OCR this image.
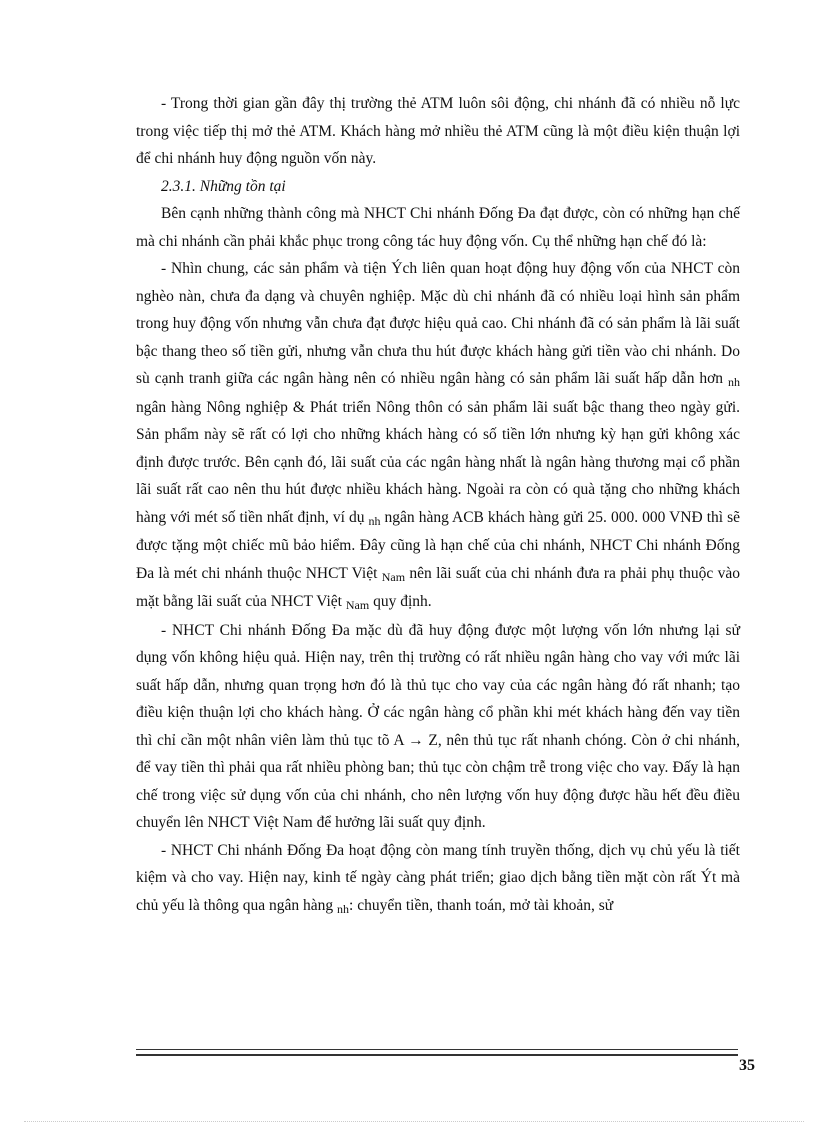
- Trong thời gian gần đây thị trường thẻ ATM luôn sôi động, chi nhánh đã có nhiều nỗ lực trong việc tiếp thị mở thẻ ATM. Khách hàng mở nhiều thẻ ATM cũng là một điều kiện thuận lợi để chi nhánh huy động nguồn vốn này.

2.3.1. Những tồn tại

Bên cạnh những thành công mà NHCT Chi nhánh Đống Đa đạt được, còn có những hạn chế mà chi nhánh cần phải khắc phục trong công tác huy động vốn. Cụ thể những hạn chế đó là:

- Nhìn chung, các sản phẩm và tiện Ých liên quan hoạt động huy động vốn của NHCT còn nghèo nàn, chưa đa dạng và chuyên nghiệp. Mặc dù chi nhánh đã có nhiều loại hình sản phẩm trong huy động vốn nhưng vẫn chưa đạt được hiệu quả cao. Chi nhánh đã có sản phẩm là lãi suất bậc thang theo số tiền gửi, nhưng vẫn chưa thu hút được khách hàng gửi tiền vào chi nhánh. Do sù cạnh tranh giữa các ngân hàng nên có nhiều ngân hàng có sản phẩm lãi suất hấp dẫn hơn nh ngân hàng Nông nghiệp & Phát triển Nông thôn có sản phẩm lãi suất bậc thang theo ngày gửi. Sản phẩm này sẽ rất có lợi cho những khách hàng có số tiền lớn nhưng kỳ hạn gửi không xác định được trước. Bên cạnh đó, lãi suất của các ngân hàng nhất là ngân hàng thương mại cổ phần lãi suất rất cao nên thu hút được nhiều khách hàng. Ngoài ra còn có quà tặng cho những khách hàng với mét số tiền nhất định, ví dụ nh ngân hàng ACB khách hàng gửi 25. 000. 000 VNĐ thì sẽ được tặng một chiếc mũ bảo hiểm. Đây cũng là hạn chế của chi nhánh, NHCT Chi nhánh Đống Đa là mét chi nhánh thuộc NHCT Việt Nam nên lãi suất của chi nhánh đưa ra phải phụ thuộc vào mặt bằng lãi suất của NHCT Việt Nam quy định.

- NHCT Chi nhánh Đống Đa mặc dù đã huy động được một lượng vốn lớn nhưng lại sử dụng vốn không hiệu quả. Hiện nay, trên thị trường có rất nhiều ngân hàng cho vay với mức lãi suất hấp dẫn, nhưng quan trọng hơn đó là thủ tục cho vay của các ngân hàng đó rất nhanh; tạo điều kiện thuận lợi cho khách hàng. Ở các ngân hàng cổ phần khi mét khách hàng đến vay tiền thì chỉ cần một nhân viên làm thủ tục tõ A → Z, nên thủ tục rất nhanh chóng. Còn ở chi nhánh, để vay tiền thì phải qua rất nhiều phòng ban; thủ tục còn chậm trễ trong việc cho vay. Đấy là hạn chế trong việc sử dụng vốn của chi nhánh, cho nên lượng vốn huy động được hầu hết đều điều chuyển lên NHCT Việt Nam để hưởng lãi suất quy định.

- NHCT Chi nhánh Đống Đa hoạt động còn mang tính truyền thống, dịch vụ chủ yếu là tiết kiệm và cho vay. Hiện nay, kinh tế ngày càng phát triển; giao dịch bằng tiền mặt còn rất Ýt mà chủ yếu là thông qua ngân hàng nh: chuyển tiền, thanh toán, mở tài khoản, sử

35
